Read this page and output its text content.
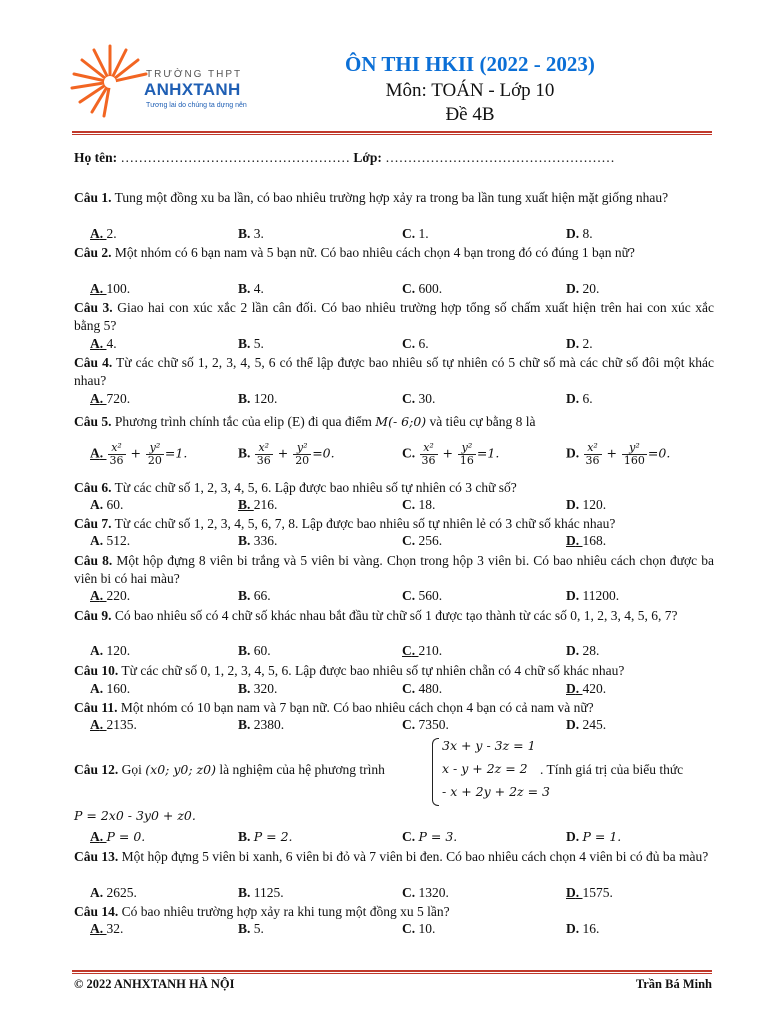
TRƯỜNG THPT
ANHXTANH
Tương lai do chúng ta dựng nên
ÔN THI HKII (2022 - 2023)
Môn: TOÁN - Lớp 10
Đề 4B
Họ tên: …………………………………………… Lớp: ……………………………………………
Câu 1. Tung một đồng xu ba lần, có bao nhiêu trường hợp xảy ra trong ba lần tung xuất hiện mặt giống nhau?
A. 2.	B. 3.	C. 1.	D. 8.
Câu 2. Một nhóm có 6 bạn nam và 5 bạn nữ. Có bao nhiêu cách chọn 4 bạn trong đó có đúng 1 bạn nữ?
A. 100.	B. 4.	C. 600.	D. 20.
Câu 3. Giao hai con xúc xắc 2 lần cân đối. Có bao nhiêu trường hợp tổng số chấm xuất hiện trên hai con xúc xắc bằng 5?
A. 4.	B. 5.	C. 6.	D. 2.
Câu 4. Từ các chữ số 1, 2, 3, 4, 5, 6 có thể lập được bao nhiêu số tự nhiên có 5 chữ số mà các chữ số đôi một khác nhau?
A. 720.	B. 120.	C. 30.	D. 6.
Câu 5. Phương trình chính tắc của elip (E) đi qua điểm M(- 6;0) và tiêu cự bằng 8 là
A. $\frac{\text{x²}}{36} + \frac{\text{y²}}{20} =1$.	B. $\frac{\text{x²}}{36} + \frac{\text{y²}}{20} =0$.	C. $\frac{\text{x²}}{36} + \frac{\text{y²}}{16} =1$.	D. $\frac{\text{x²}}{36} + \frac{\text{y²}}{160} =0$.
Câu 6. Từ các chữ số 1, 2, 3, 4, 5, 6. Lập được bao nhiêu số tự nhiên có 3 chữ số?
A. 60.	B. 216.	C. 18.	D. 120.
Câu 7. Từ các chữ số 1, 2, 3, 4, 5, 6, 7, 8. Lập được bao nhiêu số tự nhiên lẻ có 3 chữ số khác nhau?
A. 512.	B. 336.	C. 256.	D. 168.
Câu 8. Một hộp đựng 8 viên bi trắng và 5 viên bi vàng. Chọn trong hộp 3 viên bi. Có bao nhiêu cách chọn được ba viên bi có hai màu?
A. 220.	B. 66.	C. 560.	D. 11200.
Câu 9. Có bao nhiêu số có 4 chữ số khác nhau bắt đầu từ chữ số 1 được tạo thành từ các số 0, 1, 2, 3, 4, 5, 6, 7?
A. 120.	B. 60.	C. 210.	D. 28.
Câu 10. Từ các chữ số 0, 1, 2, 3, 4, 5, 6. Lập được bao nhiêu số tự nhiên chẵn có 4 chữ số khác nhau?
A. 160.	B. 320.	C. 480.	D. 420.
Câu 11. Một nhóm có 10 bạn nam và 7 bạn nữ. Có bao nhiêu cách chọn 4 bạn có cả nam và nữ?
A. 2135.	B. 2380.	C. 7350.	D. 245.
Câu 12. Gọi (x0; y0; z0) là nghiệm của hệ phương trình
3x + y - 3z = 1
x - y + 2z = 2
- x + 2y + 2z = 3
. Tính giá trị của biểu thức
P = 2x0 - 3y0 + z0.
A. P = 0.	B. P = 2.	C. P = 3.	D. P = 1.
Câu 13. Một hộp đựng 5 viên bi xanh, 6 viên bi đỏ và 7 viên bi đen. Có bao nhiêu cách chọn 4 viên bi có đủ ba màu?
A. 2625.	B. 1125.	C. 1320.	D. 1575.
Câu 14. Có bao nhiêu trường hợp xảy ra khi tung một đồng xu 5 lần?
A. 32.	B. 5.	C. 10.	D. 16.
© 2022 ANHXTANH HÀ NỘI	Trần Bá Minh
